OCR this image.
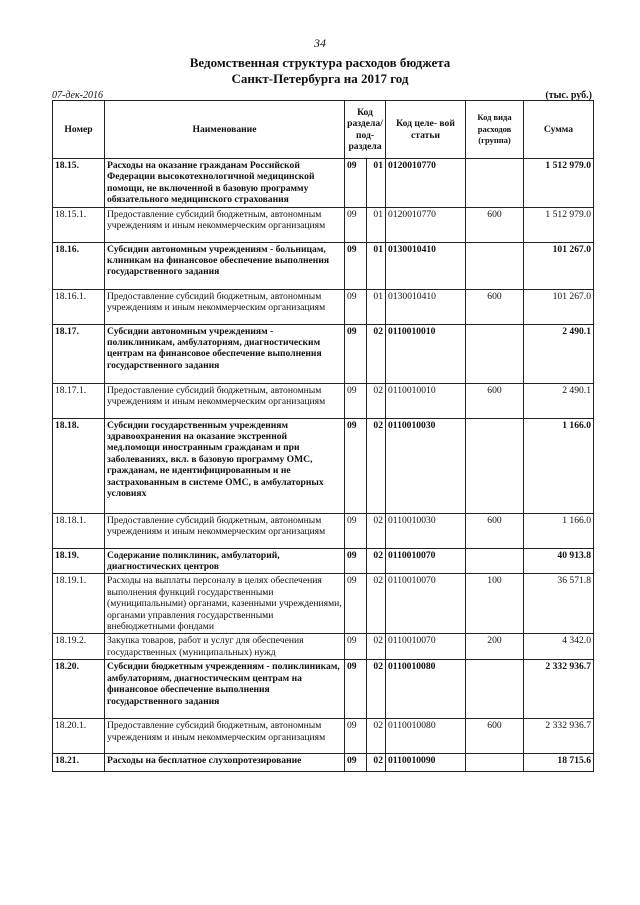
34
Ведомственная структура расходов бюджета
Санкт-Петербурга на 2017 год
07-дек-2016	(тыс. руб.)
Номер	Наименование	Код раздела/ под- раздела		Код целе- вой статьи	Код вида расходов (группа)	Сумма
18.15.	Расходы на оказание гражданам Российской Федерации высокотехнологичной медицинской помощи, не включенной в базовую программу обязательного медицинского страхования	09	01	0120010770		1 512 979.0
18.15.1.	Предоставление субсидий бюджетным, автономным учреждениям и иным некоммерческим организациям	09	01	0120010770	600	1 512 979.0
18.16.	Субсидии автономным учреждениям - больницам, клиникам на финансовое обеспечение выполнения государственного задания	09	01	0130010410		101 267.0
18.16.1.	Предоставление субсидий бюджетным, автономным учреждениям и иным некоммерческим организациям	09	01	0130010410	600	101 267.0
18.17.	Субсидии автономным учреждениям - поликлиникам, амбулаториям, диагностическим центрам на финансовое обеспечение выполнения государственного задания	09	02	0110010010		2 490.1
18.17.1.	Предоставление субсидий бюджетным, автономным учреждениям и иным некоммерческим организациям	09	02	0110010010	600	2 490.1
18.18.	Субсидии государственным учреждениям здравоохранения на оказание экстренной мед.помощи иностранным гражданам и при заболеваниях, вкл. в базовую программу ОМС, гражданам, не идентифицированным и не застрахованным в системе ОМС, в амбулаторных условиях	09	02	0110010030		1 166.0
18.18.1.	Предоставление субсидий бюджетным, автономным учреждениям и иным некоммерческим организациям	09	02	0110010030	600	1 166.0
18.19.	Содержание поликлиник, амбулаторий, диагностических центров	09	02	0110010070		40 913.8
18.19.1.	Расходы на выплаты персоналу в целях обеспечения выполнения функций государственными (муниципальными) органами, казенными учреждениями, органами управления государственными внебюджетными фондами	09	02	0110010070	100	36 571.8
18.19.2.	Закупка товаров, работ и услуг для обеспечения государственных (муниципальных) нужд	09	02	0110010070	200	4 342.0
18.20.	Субсидии бюджетным учреждениям - поликлиникам, амбулаториям, диагностическим центрам на финансовое обеспечение выполнения государственного задания	09	02	0110010080		2 332 936.7
18.20.1.	Предоставление субсидий бюджетным, автономным учреждениям и иным некоммерческим организациям	09	02	0110010080	600	2 332 936.7
18.21.	Расходы на бесплатное слухопротезирование	09	02	0110010090		18 715.6
